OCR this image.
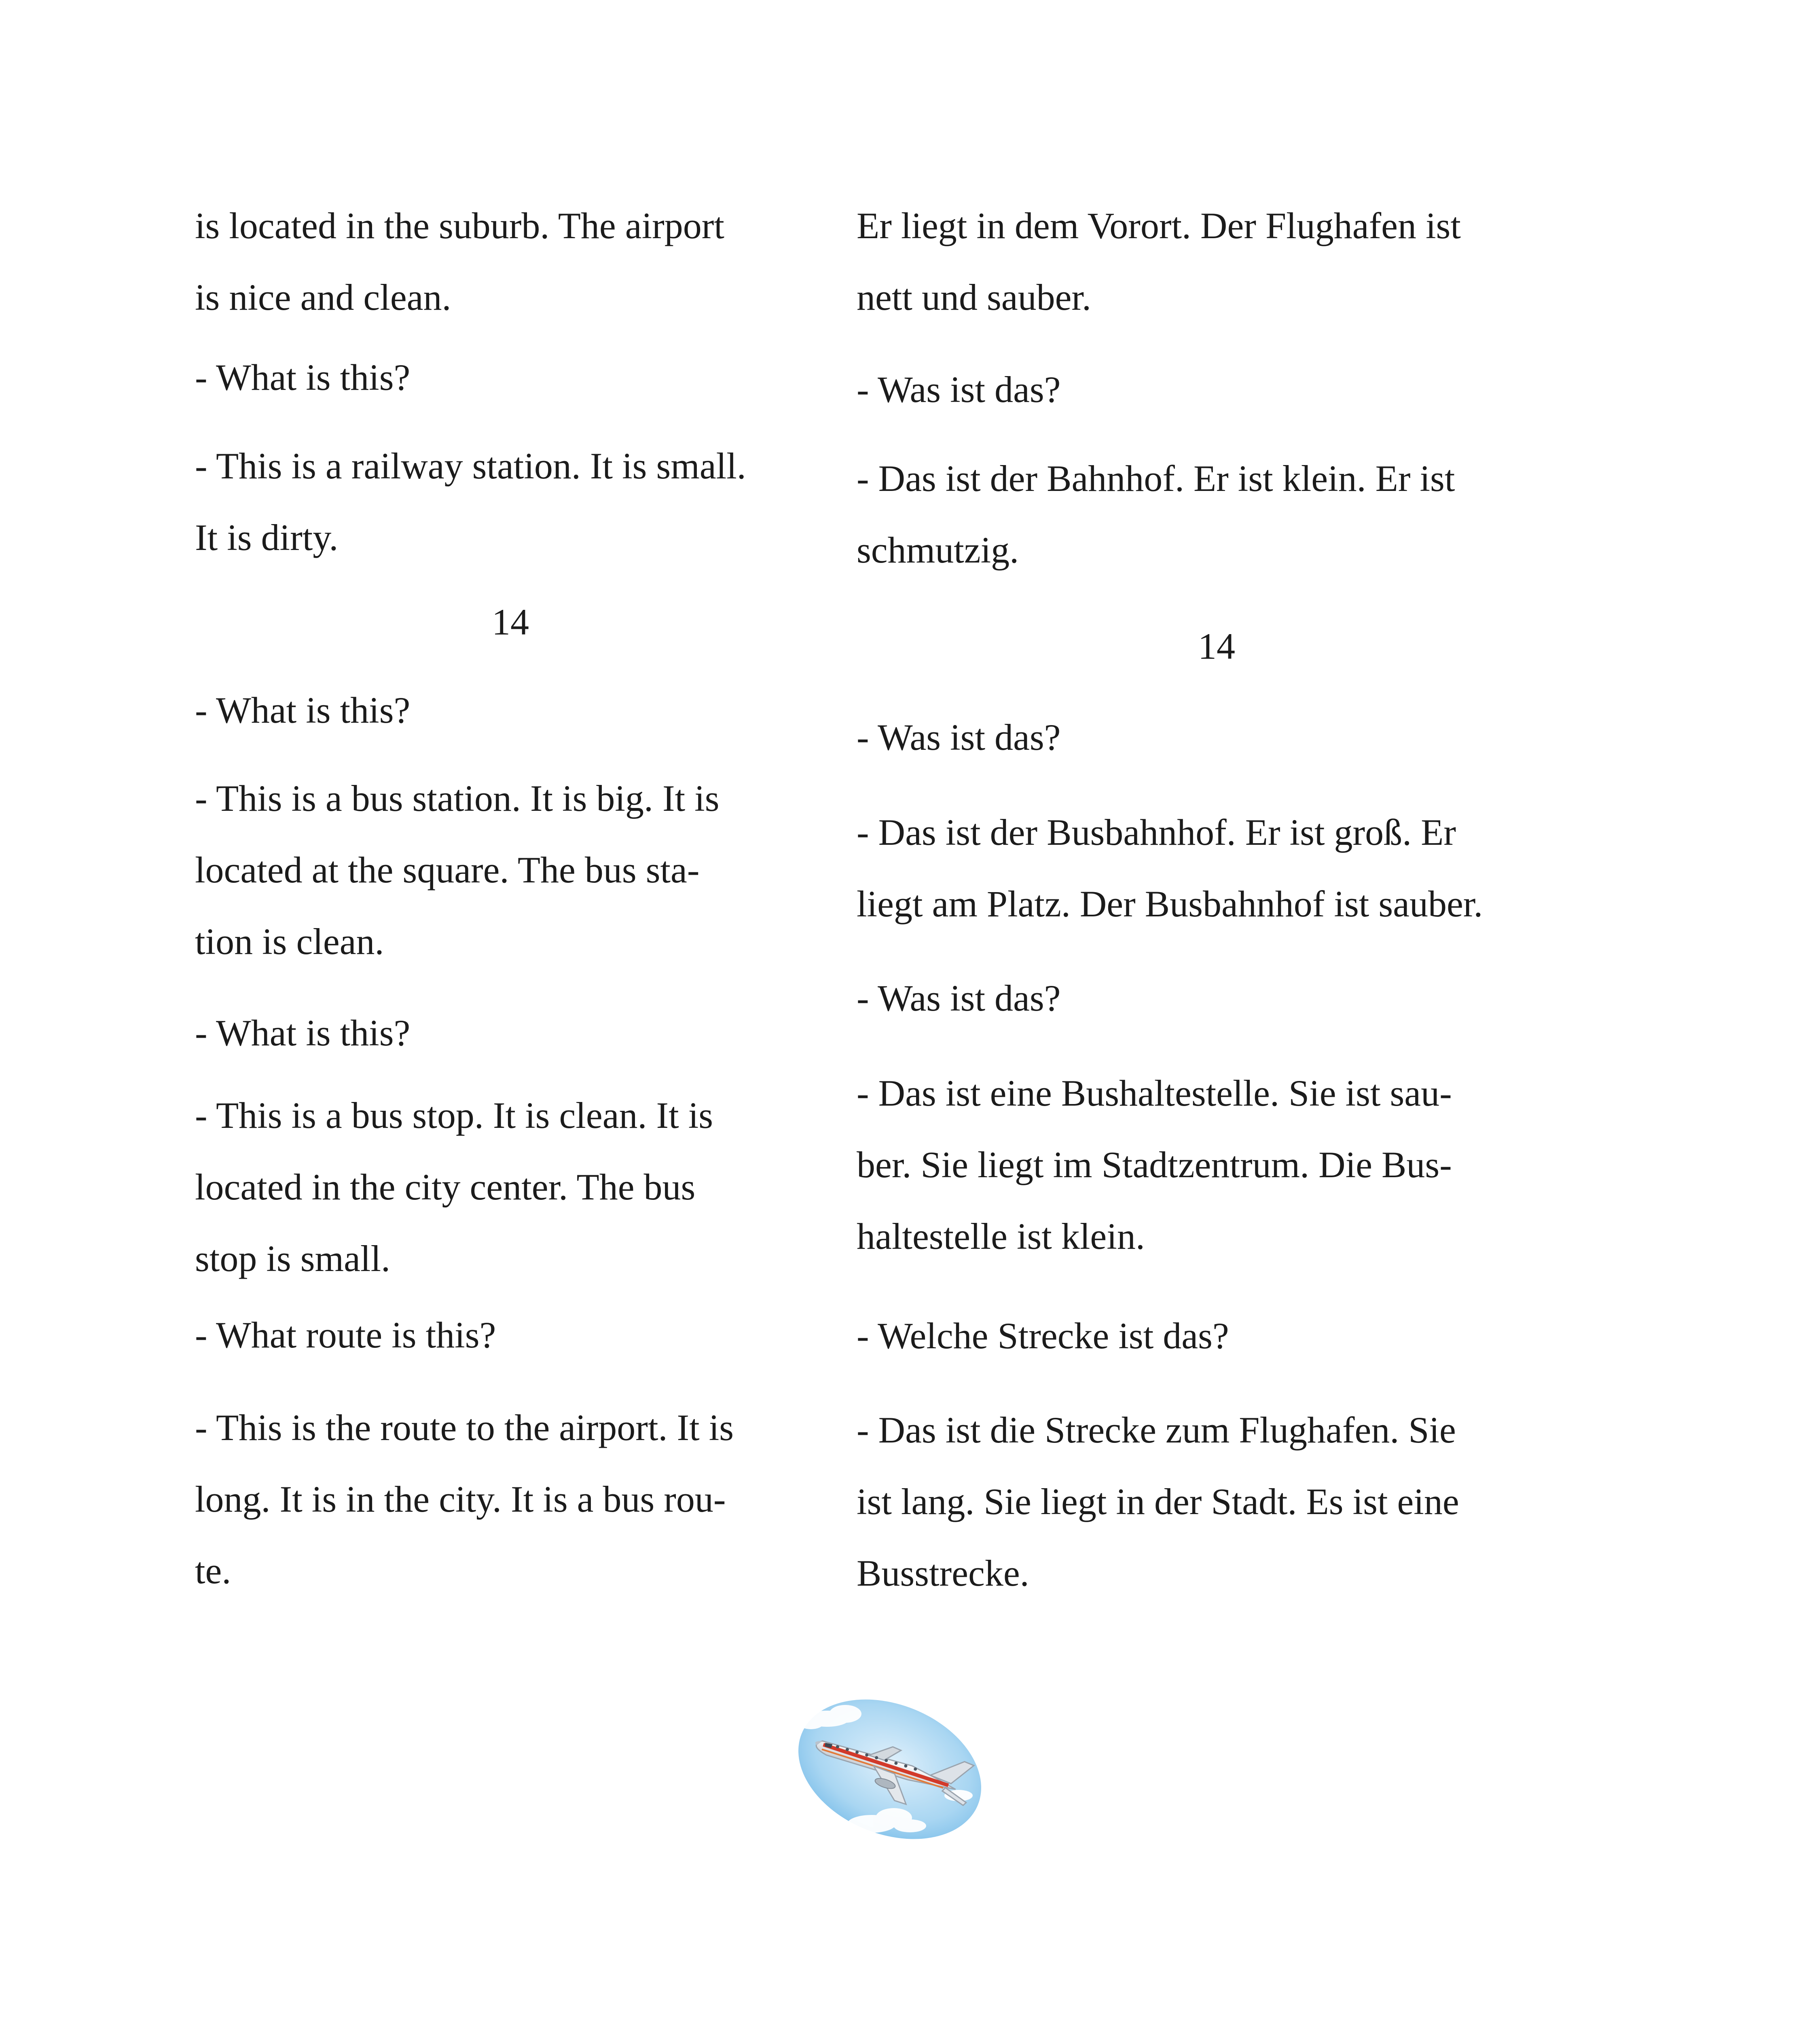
is located in the suburb. The airport
is nice and clean.
- What is this?
- This is a railway station. It is small.
It is dirty.
14
- What is this?
- This is a bus station. It is big. It is
located at the square. The bus sta-
tion is clean.
- What is this?
- This is a bus stop. It is clean. It is
located in the city center. The bus
stop is small.
- What route is this?
- This is the route to the airport. It is
long. It is in the city. It is a bus rou-
te.
Er liegt in dem Vorort. Der Flughafen ist
nett und sauber.
- Was ist das?
- Das ist der Bahnhof. Er ist klein. Er ist
schmutzig.
14
- Was ist das?
- Das ist der Busbahnhof. Er ist groß. Er
liegt am Platz. Der Busbahnhof ist sauber.
- Was ist das?
- Das ist eine Bushaltestelle. Sie ist sau-
ber. Sie liegt im Stadtzentrum. Die Bus-
haltestelle ist klein.
- Welche Strecke ist das?
- Das ist die Strecke zum Flughafen. Sie
ist lang. Sie liegt in der Stadt. Es ist eine
Busstrecke.
